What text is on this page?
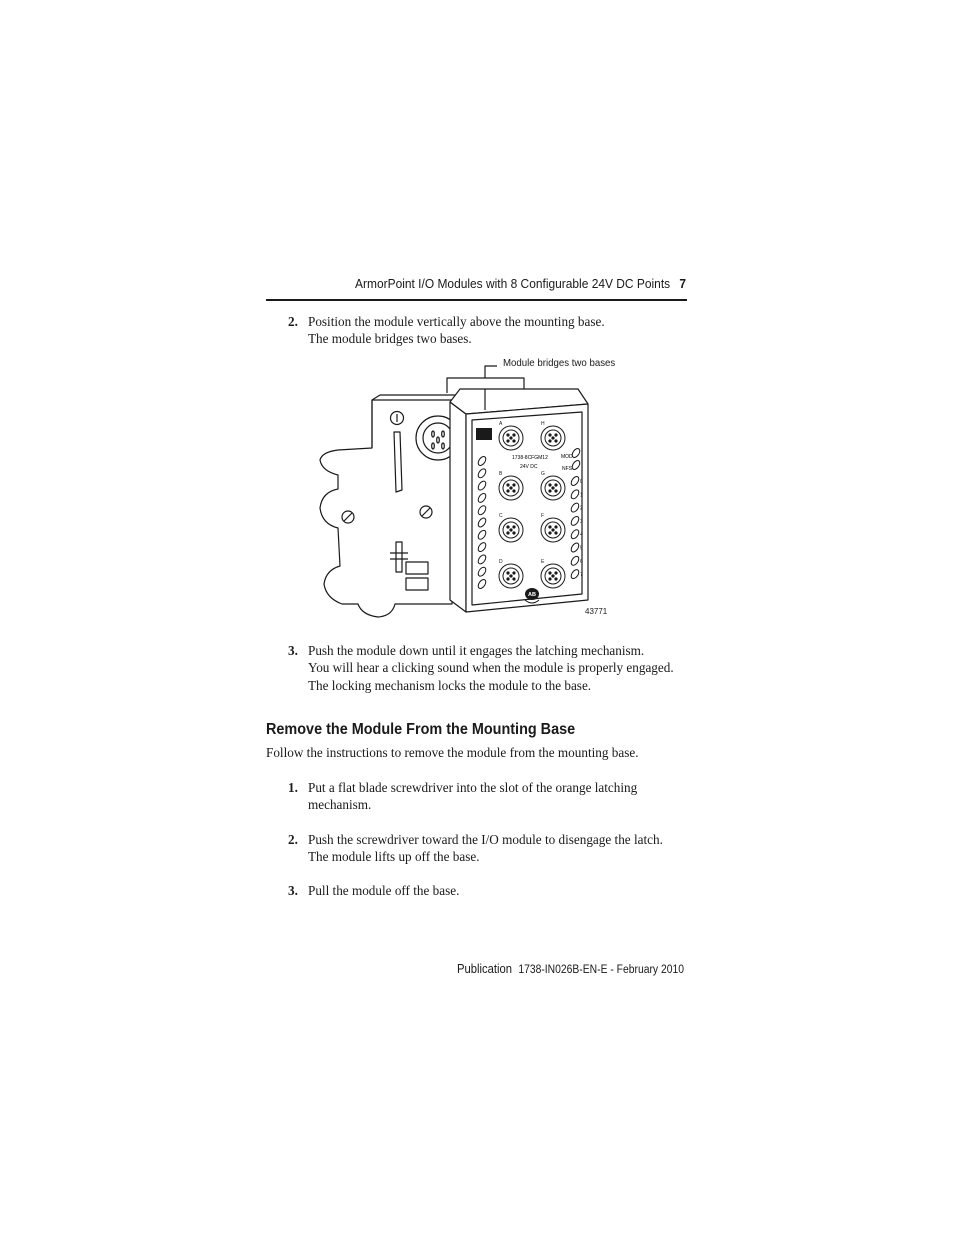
ArmorPoint I/O Modules with 8 Configurable 24V DC Points 7
2. Position the module vertically above the mounting base.
The module bridges two bases.
Module bridges two bases
A	H
B	G
C	F
D	E
0
1
2
3
4
5
6
7
1738-8CFGM12
24V DC
MOD
NFS
AB
43771
3. Push the module down until it engages the latching mechanism.
You will hear a clicking sound when the module is properly engaged.
The locking mechanism locks the module to the base.
Remove the Module From the Mounting Base
Follow the instructions to remove the module from the mounting base.
1. Put a flat blade screwdriver into the slot of the orange latching
mechanism.
2. Push the screwdriver toward the I/O module to disengage the latch.
The module lifts up off the base.
3. Pull the module off the base.
Publication 1738-IN026B-EN-E - February 2010
